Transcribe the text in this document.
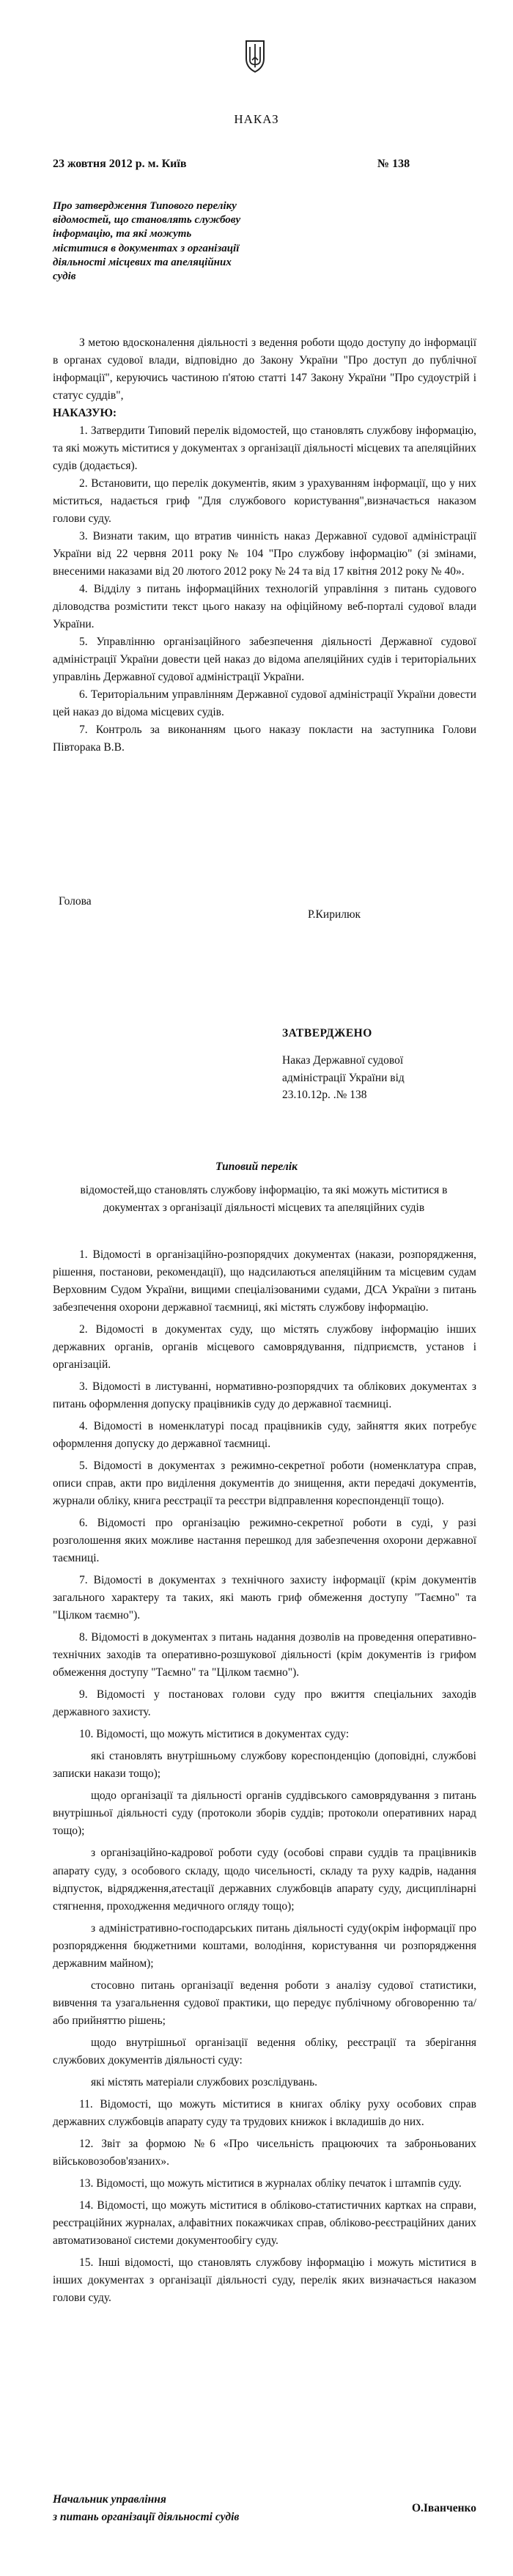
НАКАЗ
23 жовтня 2012 р. м. Київ	№ 138
Про затвердження Типового переліку відомостей, що становлять службову інформацію, та які можуть міститися в документах з організації діяльності місцевих та апеляційних судів

З метою вдосконалення діяльності з ведення роботи щодо доступу до інформації в органах судової влади, відповідно до Закону України "Про доступ до публічної інформації", керуючись частиною п'ятою статті 147 Закону України "Про судоустрій і статус суддів",

НАКАЗУЮ:

1. Затвердити Типовий перелік відомостей, що становлять службову інформацію, та які можуть міститися у документах з організації діяльності місцевих та апеляційних судів (додається).

2. Встановити, що перелік документів, яким з урахуванням інформації, що у них міститься, надається гриф "Для службового користування",визначається наказом голови суду.

3. Визнати таким, що втратив чинність наказ Державної судової адміністрації України від 22 червня 2011 року № 104 "Про службову інформацію" (зі змінами, внесеними наказами від 20 лютого 2012 року № 24 та від 17 квітня 2012 року № 40».

4. Відділу з питань інформаційних технологій управління з питань судового діловодства розмістити текст цього наказу на офіційному веб-порталі судової влади України.

5. Управлінню організаційного забезпечення діяльності Державної судової адміністрації України довести цей наказ до відома апеляційних судів і територіальних управлінь Державної судової адміністрації України.

6. Територіальним управлінням Державної судової адміністрації України довести цей наказ до відома місцевих судів.

7. Контроль за виконанням цього наказу покласти на заступника Голови Півторака В.В.

Голова
Р.Кирилюк
ЗАТВЕРДЖЕНО
Наказ Державної судової
адміністрації України від
23.10.12р. .№ 138
Типовий перелік
відомостей,що становлять службову інформацію, та які можуть міститися в документах з організації діяльності місцевих та апеляційних судів

1. Відомості в організаційно-розпорядчих документах (накази, розпорядження, рішення, постанови, рекомендації), що надсилаються апеляційним та місцевим судам Верховним Судом України, вищими спеціалізованими судами, ДСА України з питань забезпечення охорони державної таємниці, які містять службову інформацію.

2. Відомості в документах суду, що містять службову інформацію інших державних органів, органів місцевого самоврядування, підприємств, установ і організацій.

3. Відомості в листуванні, нормативно-розпорядчих та облікових документах з питань оформлення допуску працівників суду до державної таємниці.

4. Відомості в номенклатурі посад працівників суду, зайняття яких потребує оформлення допуску до державної таємниці.

5. Відомості в документах з режимно-секретної роботи (номенклатура справ, описи справ, акти про виділення документів до знищення, акти передачі документів, журнали обліку, книга реєстрації та реєстри відправлення кореспонденції тощо).

6. Відомості про організацію режимно-секретної роботи в суді, у разі розголошення яких можливе настання перешкод для забезпечення охорони державної таємниці.

7. Відомості в документах з технічного захисту інформації (крім документів загального характеру та таких, які мають гриф обмеження доступу "Таємно" та "Цілком таємно").

8. Відомості в документах з питань надання дозволів на проведення оперативно-технічних заходів та оперативно-розшукової діяльності (крім документів із грифом обмеження доступу "Таємно" та "Цілком таємно").

9. Відомості у постановах голови суду про вжиття спеціальних заходів державного захисту.

10. Відомості, що можуть міститися в документах суду:

які становлять внутрішньому службову кореспонденцію (доповідні, службові записки накази тощо);

щодо організації та діяльності органів суддівського самоврядування з питань внутрішньої діяльності суду (протоколи зборів суддів; протоколи оперативних нарад тощо);

з організаційно-кадрової роботи суду (особові справи суддів та працівників апарату суду, з особового складу, щодо чисельності, складу та руху кадрів, надання відпусток, відрядження,атестації державних службовців апарату суду, дисциплінарні стягнення, проходження медичного огляду тощо);

з адміністративно-господарських питань діяльності суду(окрім інформації про розпорядження бюджетними коштами, володіння, користування чи розпорядження державним майном);

стосовно питань організації ведення роботи з аналізу судової статистики, вивчення та узагальнення судової практики, що передує публічному обговоренню та/або прийняттю рішень;

щодо внутрішньої організації ведення обліку, реєстрації та зберігання службових документів діяльності суду:

які містять матеріали службових розслідувань.

11. Відомості, що можуть міститися в книгах обліку руху особових справ державних службовців апарату суду та трудових книжок і вкладишів до них.

12. Звіт за формою №6 «Про чисельність працюючих та заброньованих військовозобов'язаних».

13. Відомості, що можуть міститися в журналах обліку печаток і штампів суду.

14. Відомості, що можуть міститися в обліково-статистичних картках на справи, реєстраційних журналах, алфавітних покажчиках справ, обліково-реєстраційних даних автоматизованої системи документообігу суду.

15. Інші відомості, що становлять службову інформацію і можуть міститися в інших документах з організації діяльності суду, перелік яких визначається наказом голови суду.

Начальник управління
з питань організації діяльності судів
О.Іванченко
